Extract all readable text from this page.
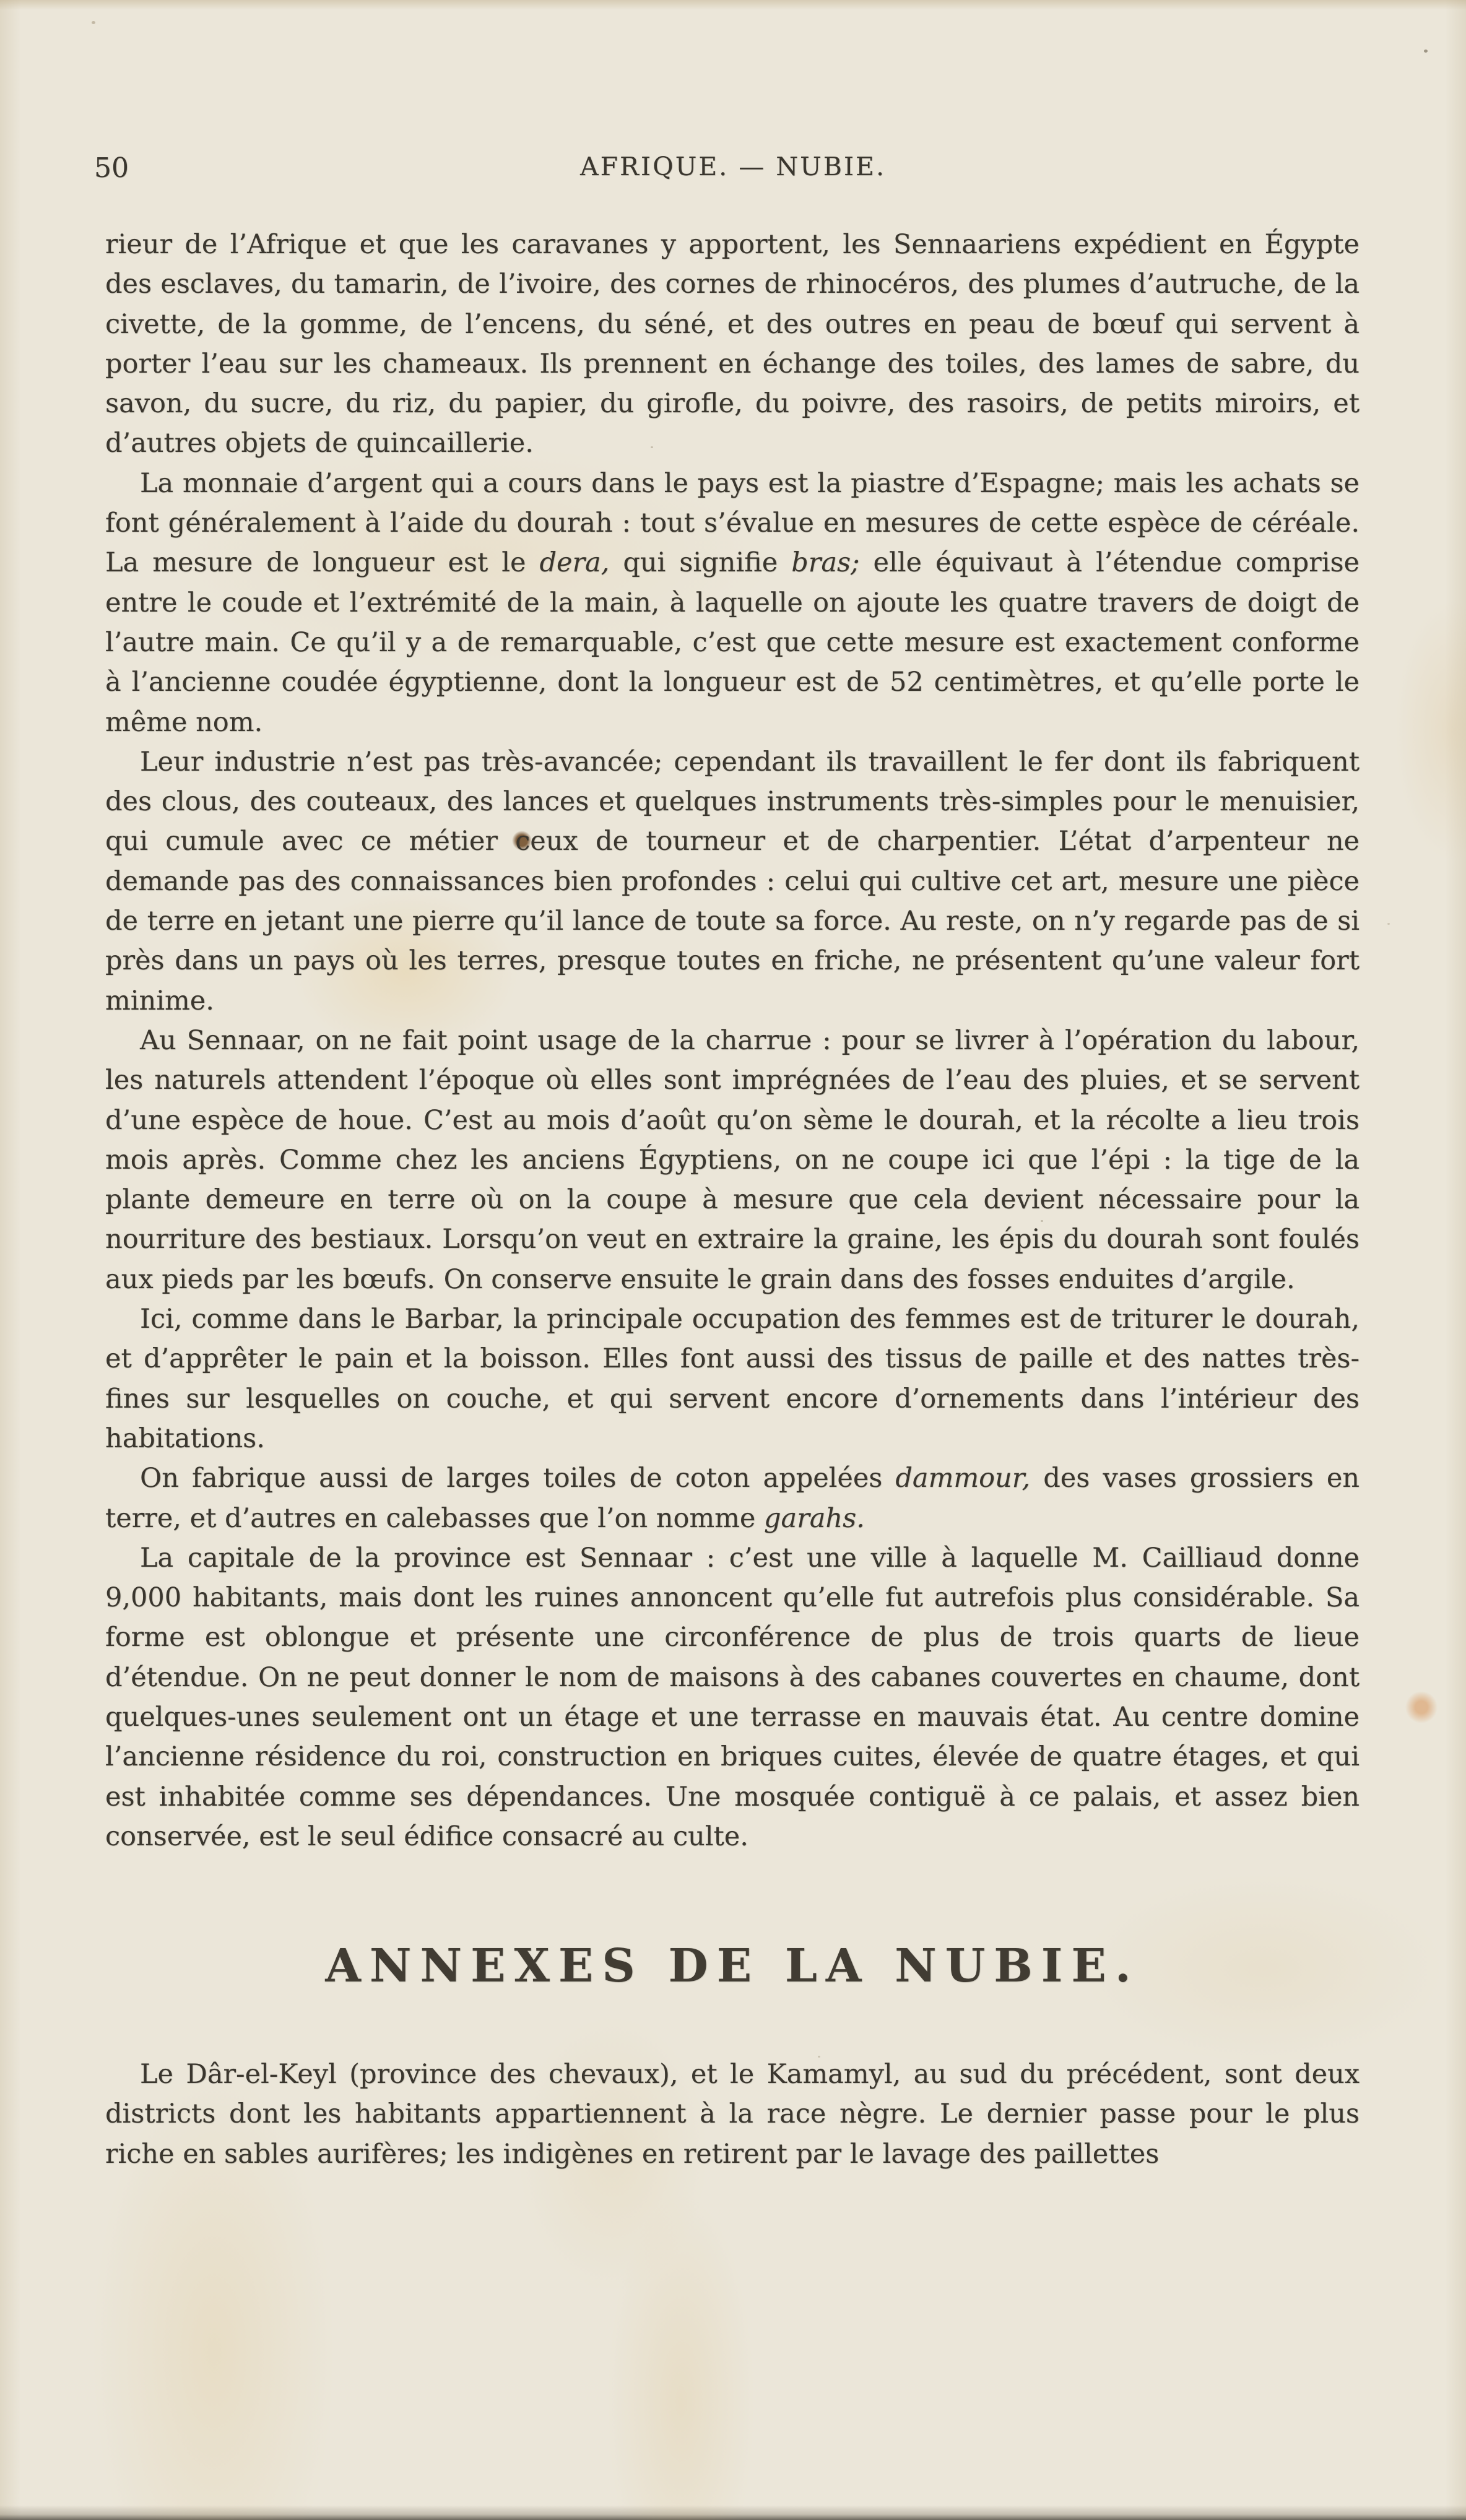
50	AFRIQUE. — NUBIE.

rieur de l’Afrique et que les caravanes y apportent, les Sennaariens expédient en Égypte des esclaves, du tamarin, de l’ivoire, des cornes de rhinocéros, des plumes d’autruche, de la civette, de la gomme, de l’encens, du séné, et des outres en peau de bœuf qui servent à porter l’eau sur les chameaux. Ils prennent en échange des toiles, des lames de sabre, du savon, du sucre, du riz, du papier, du girofle, du poivre, des rasoirs, de petits miroirs, et d’autres objets de quincaillerie.

La monnaie d’argent qui a cours dans le pays est la piastre d’Espagne; mais les achats se font généralement à l’aide du dourah : tout s’évalue en mesures de cette espèce de céréale. La mesure de longueur est le dera, qui signifie bras; elle équivaut à l’étendue comprise entre le coude et l’extrémité de la main, à laquelle on ajoute les quatre travers de doigt de l’autre main. Ce qu’il y a de remarquable, c’est que cette mesure est exactement conforme à l’ancienne coudée égyptienne, dont la longueur est de 52 centimètres, et qu’elle porte le même nom.

Leur industrie n’est pas très-avancée; cependant ils travaillent le fer dont ils fabriquent des clous, des couteaux, des lances et quelques instruments très-simples pour le menuisier, qui cumule avec ce métier ceux de tourneur et de charpentier. L’état d’arpenteur ne demande pas des connaissances bien profondes : celui qui cultive cet art, mesure une pièce de terre en jetant une pierre qu’il lance de toute sa force. Au reste, on n’y regarde pas de si près dans un pays où les terres, presque toutes en friche, ne présentent qu’une valeur fort minime.

Au Sennaar, on ne fait point usage de la charrue : pour se livrer à l’opération du labour, les naturels attendent l’époque où elles sont imprégnées de l’eau des pluies, et se servent d’une espèce de houe. C’est au mois d’août qu’on sème le dourah, et la récolte a lieu trois mois après. Comme chez les anciens Égyptiens, on ne coupe ici que l’épi : la tige de la plante demeure en terre où on la coupe à mesure que cela devient nécessaire pour la nourriture des bestiaux. Lorsqu’on veut en extraire la graine, les épis du dourah sont foulés aux pieds par les bœufs. On conserve ensuite le grain dans des fosses enduites d’argile.

Ici, comme dans le Barbar, la principale occupation des femmes est de triturer le dourah, et d’apprêter le pain et la boisson. Elles font aussi des tissus de paille et des nattes très-fines sur lesquelles on couche, et qui servent encore d’ornements dans l’intérieur des habitations.

On fabrique aussi de larges toiles de coton appelées dammour, des vases grossiers en terre, et d’autres en calebasses que l’on nomme garahs.

La capitale de la province est Sennaar : c’est une ville à laquelle M. Cailliaud donne 9,000 habitants, mais dont les ruines annoncent qu’elle fut autrefois plus considérable. Sa forme est oblongue et présente une circonférence de plus de trois quarts de lieue d’étendue. On ne peut donner le nom de maisons à des cabanes couvertes en chaume, dont quelques-unes seulement ont un étage et une terrasse en mauvais état. Au centre domine l’ancienne résidence du roi, construction en briques cuites, élevée de quatre étages, et qui est inhabitée comme ses dépendances. Une mosquée contiguë à ce palais, et assez bien conservée, est le seul édifice consacré au culte.

ANNEXES DE LA NUBIE.

Le Dâr-el-Keyl (province des chevaux), et le Kamamyl, au sud du précédent, sont deux districts dont les habitants appartiennent à la race nègre. Le dernier passe pour le plus riche en sables aurifères; les indigènes en retirent par le lavage des paillettes
